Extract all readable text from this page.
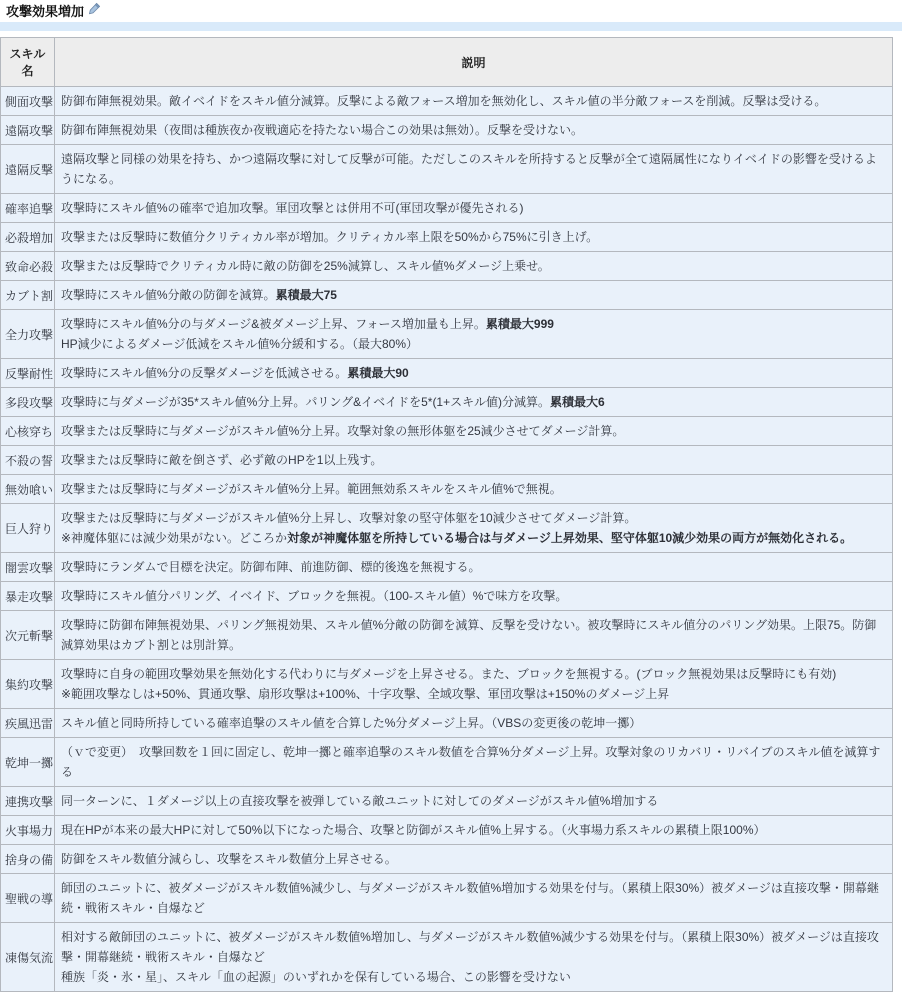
攻撃効果増加
スキル名	説明
側面攻撃	防御布陣無視効果。敵イベイドをスキル値分減算。反撃による敵フォース増加を無効化し、スキル値の半分敵フォースを削減。反撃は受ける。

遠隔攻撃	防御布陣無視効果（夜間は種族夜か夜戦適応を持たない場合この効果は無効）。反撃を受けない。

遠隔反撃	遠隔攻撃と同様の効果を持ち、かつ遠隔攻撃に対して反撃が可能。ただしこのスキルを所持すると反撃が全て遠隔属性になりイベイドの影響を受けるようになる。

確率追撃	攻撃時にスキル値%の確率で追加攻撃。軍団攻撃とは併用不可(軍団攻撃が優先される)

必殺増加	攻撃または反撃時に数値分クリティカル率が増加。クリティカル率上限を50%から75%に引き上げ。

致命必殺	攻撃または反撃時でクリティカル時に敵の防御を25%減算し、スキル値%ダメージ上乗せ。

カブト割	攻撃時にスキル値%分敵の防御を減算。累積最大75

全力攻撃	攻撃時にスキル値%分の与ダメージ&被ダメージ上昇、フォース増加量も上昇。累積最大999
HP減少によるダメージ低減をスキル値%分緩和する。（最大80%）

反撃耐性	攻撃時にスキル値%分の反撃ダメージを低減させる。累積最大90

多段攻撃	攻撃時に与ダメージが35*スキル値%分上昇。パリング&イベイドを5*(1+スキル値)分減算。累積最大6

心核穿ち	攻撃または反撃時に与ダメージがスキル値%分上昇。攻撃対象の無形体躯を25減少させてダメージ計算。

不殺の誓	攻撃または反撃時に敵を倒さず、必ず敵のHPを1以上残す。

無効喰い	攻撃または反撃時に与ダメージがスキル値%分上昇。範囲無効系スキルをスキル値%で無視。

巨人狩り	攻撃または反撃時に与ダメージがスキル値%分上昇し、攻撃対象の堅守体躯を10減少させてダメージ計算。
※神魔体躯には減少効果がない。どころか対象が神魔体躯を所持している場合は与ダメージ上昇効果、堅守体躯10減少効果の両方が無効化される。

闇雲攻撃	攻撃時にランダムで目標を決定。防御布陣、前進防御、標的後逸を無視する。

暴走攻撃	攻撃時にスキル値分パリング、イベイド、ブロックを無視。（100-スキル値）%で味方を攻撃。

次元斬撃	攻撃時に防御布陣無視効果、パリング無視効果、スキル値%分敵の防御を減算、反撃を受けない。被攻撃時にスキル値分のパリング効果。上限75。防御減算効果はカブト割とは別計算。

集約攻撃	攻撃時に自身の範囲攻撃効果を無効化する代わりに与ダメージを上昇させる。また、ブロックを無視する。(ブロック無視効果は反撃時にも有効)
※範囲攻撃なしは+50%、貫通攻撃、扇形攻撃は+100%、十字攻撃、全域攻撃、軍団攻撃は+150%のダメージ上昇

疾風迅雷	スキル値と同時所持している確率追撃のスキル値を合算した%分ダメージ上昇。（VBSの変更後の乾坤一擲）

乾坤一擲	（ｖで変更）　攻撃回数を１回に固定し、乾坤一擲と確率追撃のスキル数値を合算%分ダメージ上昇。攻撃対象のリカバリ・リバイブのスキル値を減算する

連携攻撃	同一ターンに、１ダメージ以上の直接攻撃を被弾している敵ユニットに対してのダメージがスキル値%増加する

火事場力	現在HPが本来の最大HPに対して50%以下になった場合、攻撃と防御がスキル値%上昇する。（火事場力系スキルの累積上限100%）

捨身の備	防御をスキル数値分減らし、攻撃をスキル数値分上昇させる。

聖戦の導	師団のユニットに、被ダメージがスキル数値%減少し、与ダメージがスキル数値%増加する効果を付与。（累積上限30%）被ダメージは直接攻撃・開幕継続・戦術スキル・自爆など

凍傷気流	相対する敵師団のユニットに、被ダメージがスキル数値%増加し、与ダメージがスキル数値%減少する効果を付与。（累積上限30%）被ダメージは直接攻撃・開幕継続・戦術スキル・自爆など
種族「炎・氷・星」、スキル「血の起源」のいずれかを保有している場合、この影響を受けない
